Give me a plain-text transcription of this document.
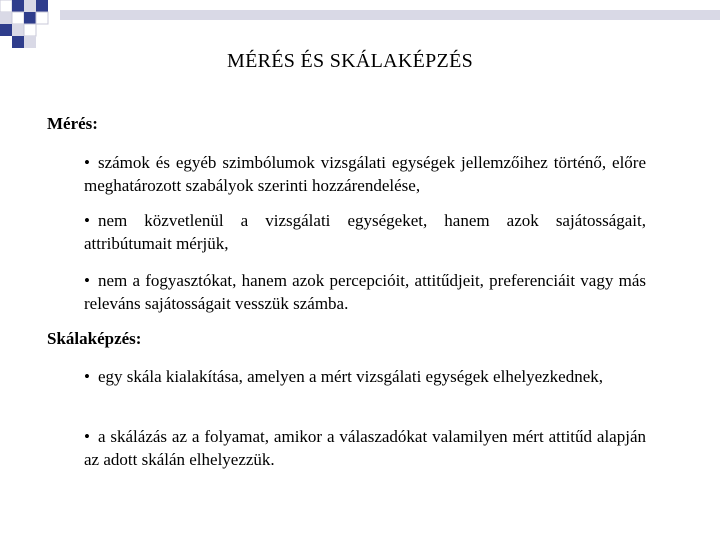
MÉRÉS ÉS SKÁLAKÉPZÉS
Mérés:
• számok és egyéb szimbólumok vizsgálati egységek jellemzőihez történő, előre meghatározott szabályok szerinti hozzárendelése,
• nem közvetlenül a vizsgálati egységeket, hanem azok sajátosságait, attribútumait mérjük,
• nem a fogyasztókat, hanem azok percepcióit, attitűdjeit, preferenciáit vagy más releváns sajátosságait vesszük számba.
Skálaképzés:
• egy skála kialakítása, amelyen a mért vizsgálati egységek elhelyezkednek,
• a skálázás az a folyamat, amikor a válaszadókat valamilyen mért attitűd alapján az adott skálán elhelyezzük.
